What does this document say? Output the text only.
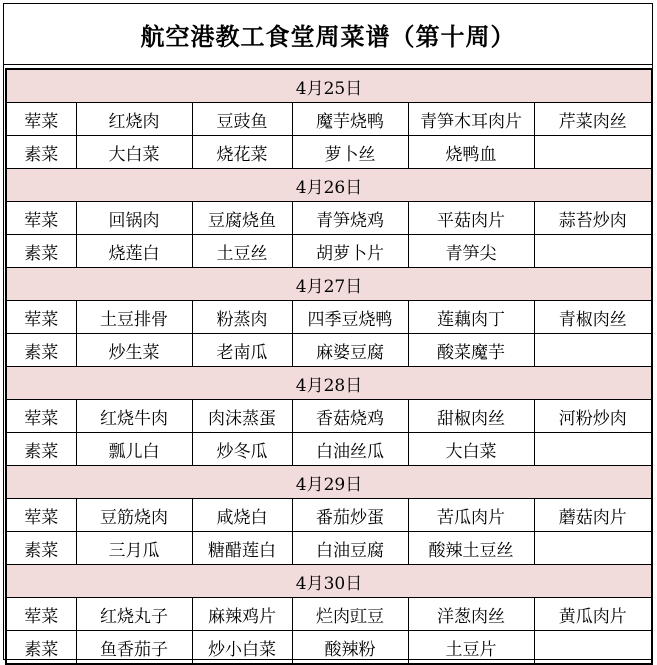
航空港教工食堂周菜谱（第十周）
4月25日					
荤菜	红烧肉	豆豉鱼	魔芋烧鸭	青笋木耳肉片	芹菜肉丝
素菜	大白菜	烧花菜	萝卜丝	烧鸭血	
4月26日					
荤菜	回锅肉	豆腐烧鱼	青笋烧鸡	平菇肉片	蒜苔炒肉
素菜	烧莲白	土豆丝	胡萝卜片	青笋尖	
4月27日					
荤菜	土豆排骨	粉蒸肉	四季豆烧鸭	莲藕肉丁	青椒肉丝
素菜	炒生菜	老南瓜	麻婆豆腐	酸菜魔芋	
4月28日					
荤菜	红烧牛肉	肉沫蒸蛋	香菇烧鸡	甜椒肉丝	河粉炒肉
素菜	瓢儿白	炒冬瓜	白油丝瓜	大白菜	
4月29日					
荤菜	豆筋烧肉	咸烧白	番茄炒蛋	苦瓜肉片	蘑菇肉片
素菜	三月瓜	糖醋莲白	白油豆腐	酸辣土豆丝	
4月30日					
荤菜	红烧丸子	麻辣鸡片	烂肉豇豆	洋葱肉丝	黄瓜肉片
素菜	鱼香茄子	炒小白菜	酸辣粉	土豆片	
